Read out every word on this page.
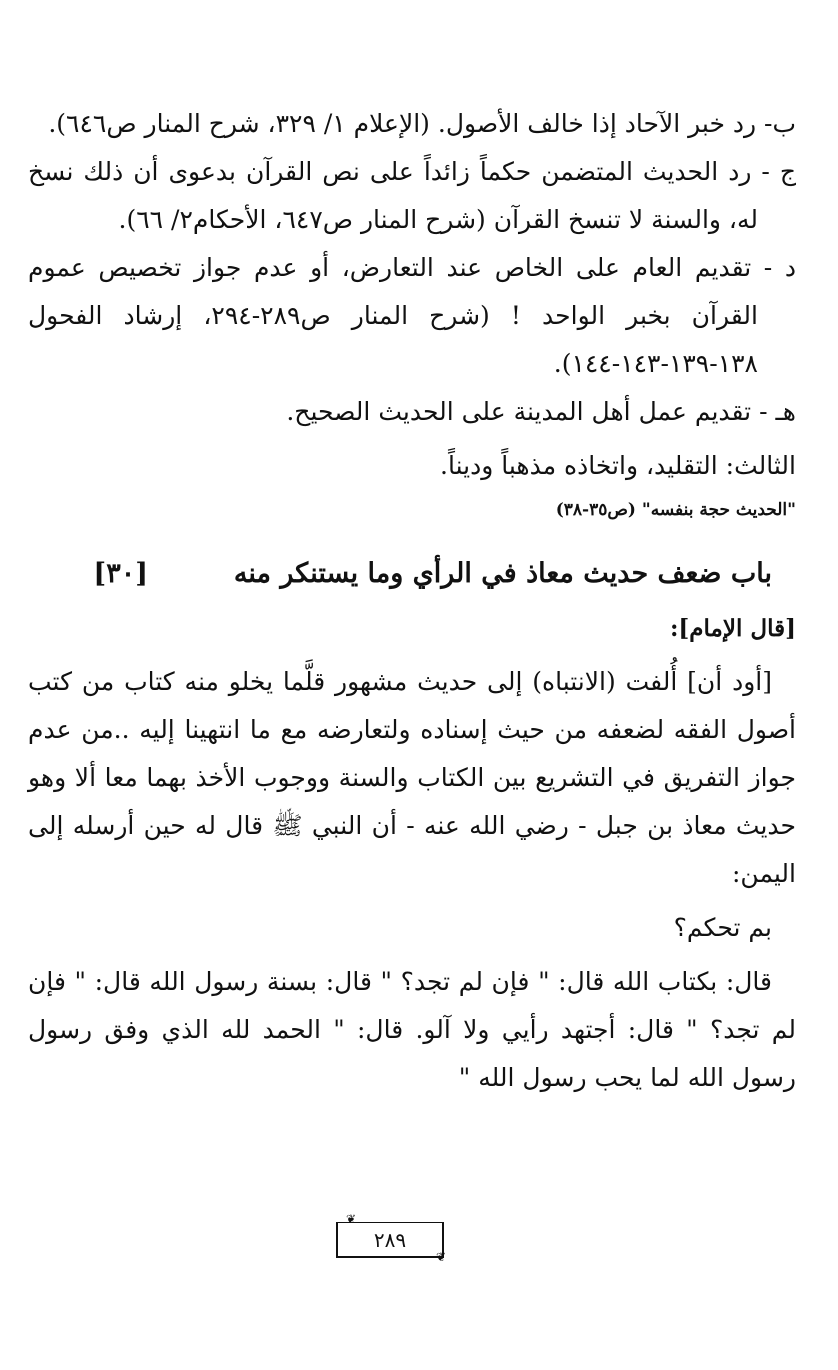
ب- رد خبر الآحاد إذا خالف الأصول. (الإعلام ١/ ٣٢٩، شرح المنار ص٦٤٦).

ج - رد الحديث المتضمن حكماً زائداً على نص القرآن بدعوى أن ذلك نسخ له، والسنة لا تنسخ القرآن (شرح المنار ص٦٤٧، الأحكام٢/ ٦٦).

د - تقديم العام على الخاص عند التعارض، أو عدم جواز تخصيص عموم القرآن بخبر الواحد ! (شرح المنار ص٢٨٩-٢٩٤، إرشاد الفحول ١٣٨-١٣٩-١٤٣-١٤٤).

هـ - تقديم عمل أهل المدينة على الحديث الصحيح.

الثالث: التقليد، واتخاذه مذهباً وديناً.

"الحديث حجة بنفسه" (ص٣٥-٣٨)

باب ضعف حديث معاذ في الرأي وما يستنكر منه
[٣٠]

[قال الإمام]:

[أود أن] أُلفت (الانتباه) إلى حديث مشهور قلَّما يخلو منه كتاب من كتب أصول الفقه لضعفه من حيث إسناده ولتعارضه مع ما انتهينا إليه ..من عدم جواز التفريق في التشريع بين الكتاب والسنة ووجوب الأخذ بهما معا ألا وهو حديث معاذ بن جبل - رضي الله عنه - أن النبي ﷺ قال له حين أرسله إلى اليمن:

بم تحكم؟

قال: بكتاب الله قال: " فإن لم تجد؟ " قال: بسنة رسول الله قال: " فإن لم تجد؟ " قال: أجتهد رأيي ولا آلو. قال: " الحمد لله الذي وفق رسول رسول الله لما يحب رسول الله "

❦
٢٨٩
❦
